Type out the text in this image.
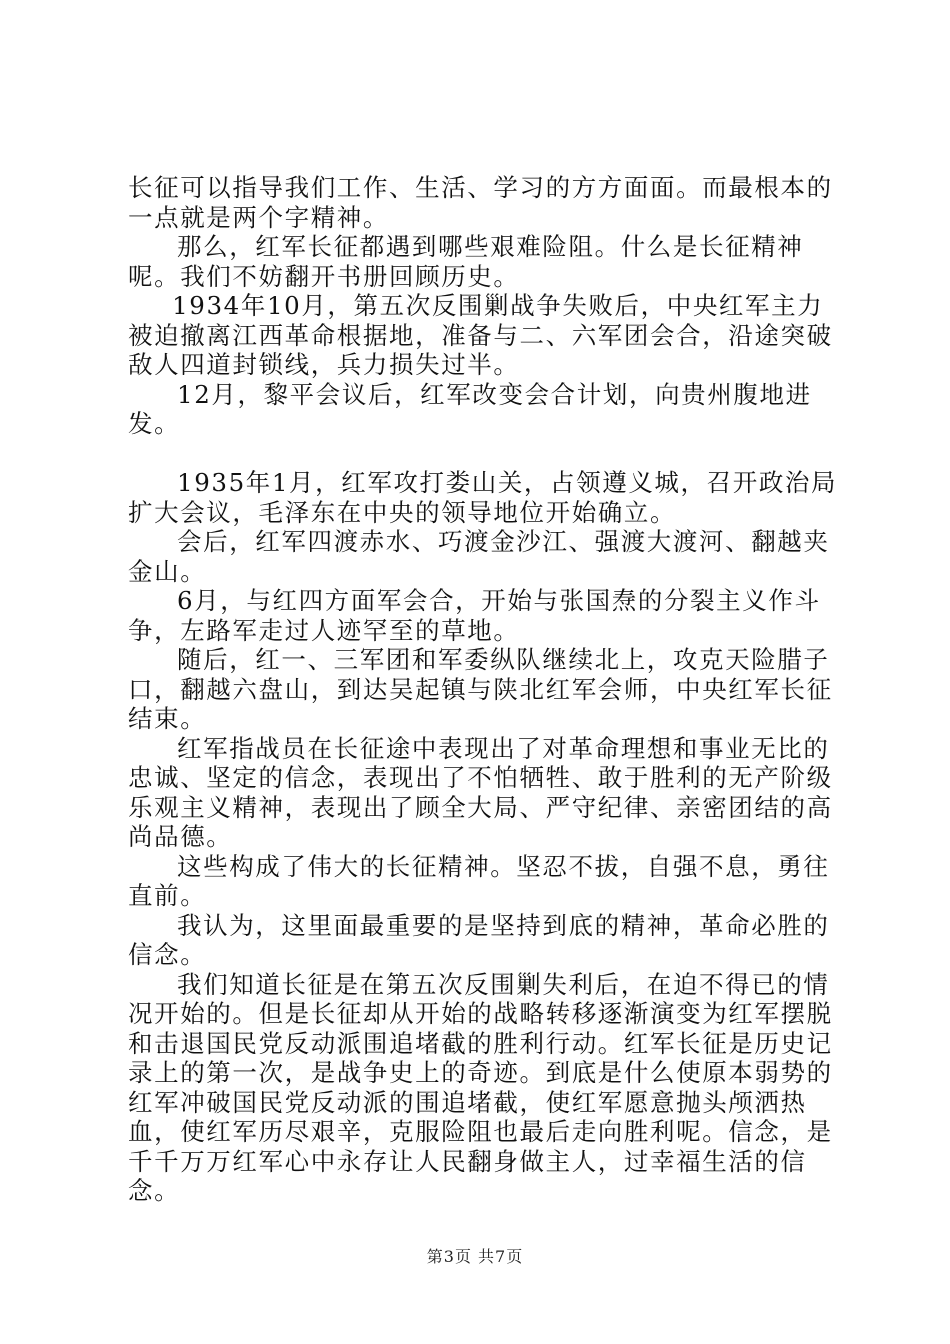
长征可以指导我们工作、生活、学习的方方面面。而最根本的一点就是两个字精神。

那么，红军长征都遇到哪些艰难险阻。什么是长征精神呢。我们不妨翻开书册回顾历史。

1934年10月，第五次反围剿战争失败后，中央红军主力被迫撤离江西革命根据地，准备与二、六军团会合，沿途突破敌人四道封锁线，兵力损失过半。

12月，黎平会议后，红军改变会合计划，向贵州腹地进发。

1935年1月，红军攻打娄山关，占领遵义城，召开政治局扩大会议，毛泽东在中央的领导地位开始确立。

会后，红军四渡赤水、巧渡金沙江、强渡大渡河、翻越夹金山。

6月，与红四方面军会合，开始与张国焘的分裂主义作斗争，左路军走过人迹罕至的草地。

随后，红一、三军团和军委纵队继续北上，攻克天险腊子口，翻越六盘山，到达吴起镇与陕北红军会师，中央红军长征结束。

红军指战员在长征途中表现出了对革命理想和事业无比的忠诚、坚定的信念，表现出了不怕牺牲、敢于胜利的无产阶级乐观主义精神，表现出了顾全大局、严守纪律、亲密团结的高尚品德。

这些构成了伟大的长征精神。坚忍不拔，自强不息，勇往直前。

我认为，这里面最重要的是坚持到底的精神，革命必胜的信念。

我们知道长征是在第五次反围剿失利后，在迫不得已的情况开始的。但是长征却从开始的战略转移逐渐演变为红军摆脱和击退国民党反动派围追堵截的胜利行动。红军长征是历史记录上的第一次，是战争史上的奇迹。到底是什么使原本弱势的红军冲破国民党反动派的围追堵截，使红军愿意抛头颅洒热血，使红军历尽艰辛，克服险阻也最后走向胜利呢。信念，是千千万万红军心中永存让人民翻身做主人，过幸福生活的信念。

第3页 共7页
